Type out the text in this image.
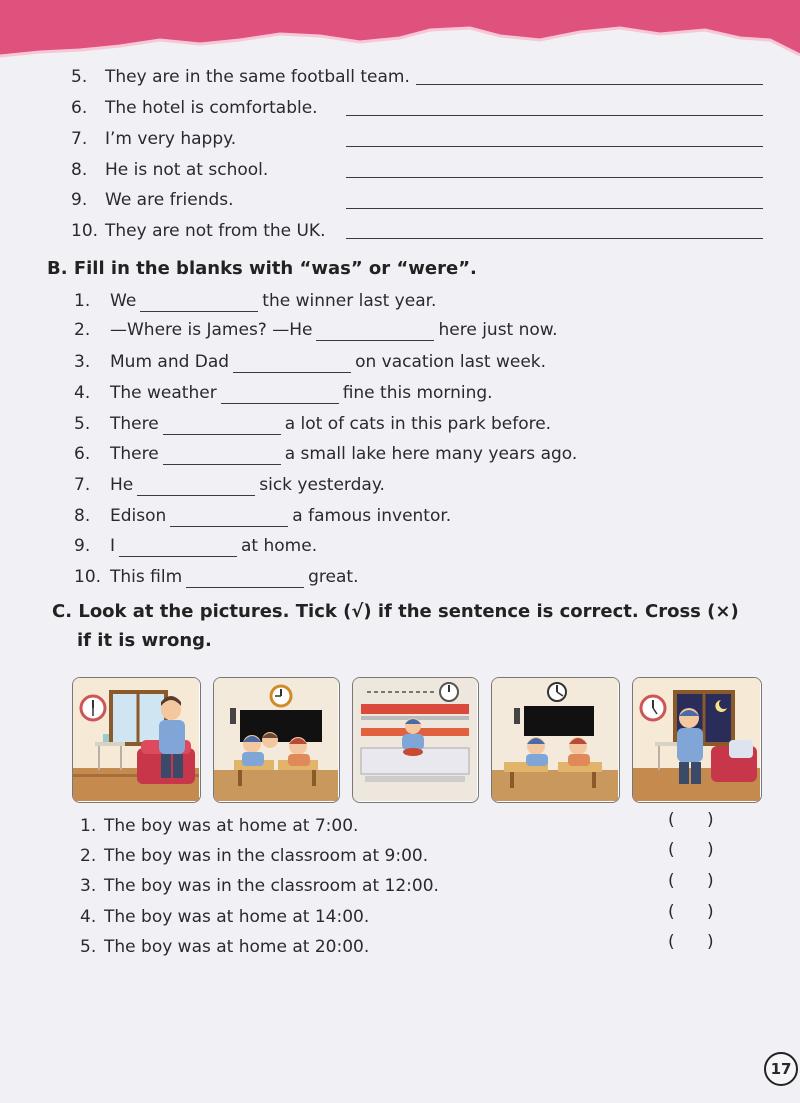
5. They are in the same football team.
6. The hotel is comfortable.
7. I’m very happy.
8. He is not at school.
9. We are friends.
10. They are not from the UK.
B. Fill in the blanks with “was” or “were”.
1. We	the winner last year.
2. —Where is James? —He	here just now.
3. Mum and Dad	on vacation last week.
4. The weather	fine this morning.
5. There	a lot of cats in this park before.
6. There	a small lake here many years ago.
7. He	sick yesterday.
8. Edison	a famous inventor.
9. I	at home.
10. This film	great.
C. Look at the pictures. Tick (√) if the sentence is correct. Cross (×)
if it is wrong.
1. The boy was at home at 7:00.	(      )
2. The boy was in the classroom at 9:00.	(      )
3. The boy was in the classroom at 12:00.	(      )
4. The boy was at home at 14:00.	(      )
5. The boy was at home at 20:00.	(      )
17
